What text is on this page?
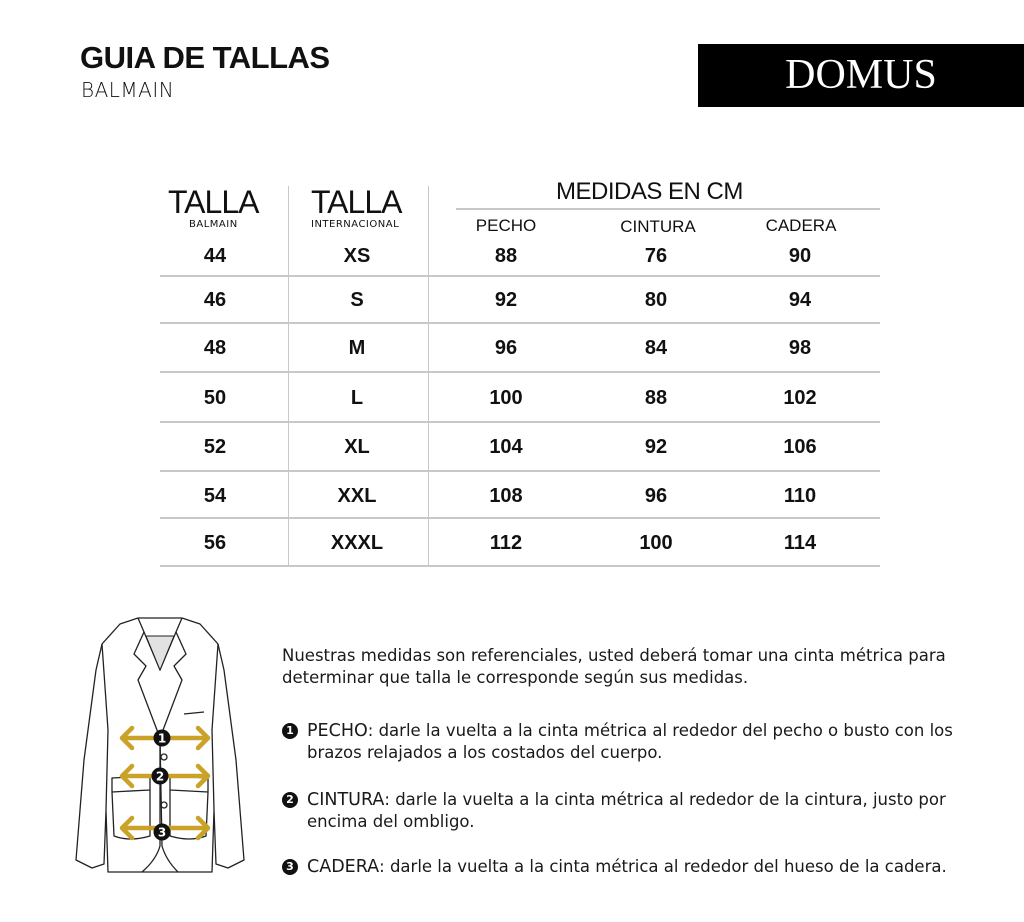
GUIA DE TALLAS
BALMAIN	DOMUS
TALLA
BALMAIN
TALLA
INTERNACIONAL
MEDIDAS EN CM
PECHO	CINTURA	CADERA
44	XS	88	76	90
46	S	92	80	94
48	M	96	84	98
50	L	100	88	102
52	XL	104	92	106
54	XXL	108	96	110
56	XXXL	112	100	114
1
2
3
Nuestras medidas son referenciales, usted deberá tomar una cinta métrica para determinar que talla le corresponde según sus medidas.
1 PECHO: darle la vuelta a la cinta métrica al rededor del pecho o busto con los brazos relajados a los costados del cuerpo.
2 CINTURA: darle la vuelta a la cinta métrica al rededor de la cintura, justo por encima del ombligo.
3 CADERA: darle la vuelta a la cinta métrica al rededor del hueso de la cadera.
